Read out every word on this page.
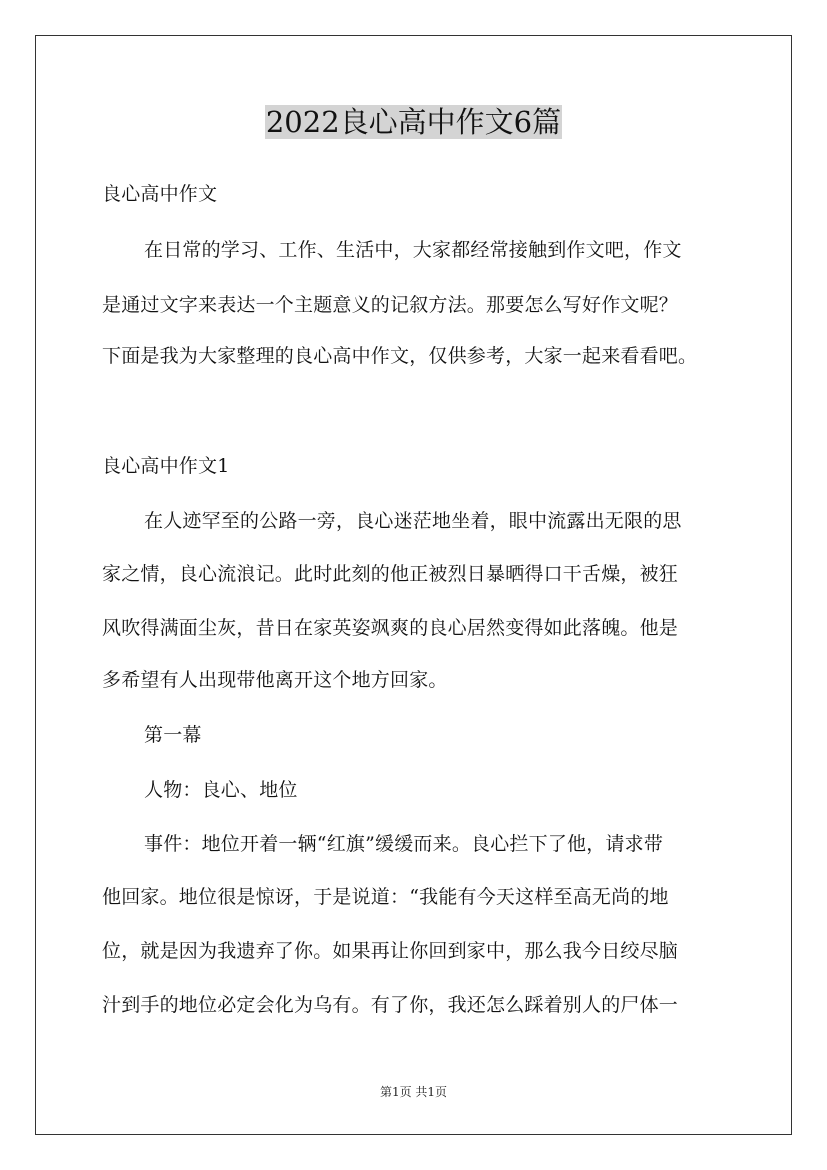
2022良心高中作文6篇
良心高中作文
在日常的学习、工作、生活中，大家都经常接触到作文吧，作文
是通过文字来表达一个主题意义的记叙方法。那要怎么写好作文呢？
下面是我为大家整理的良心高中作文，仅供参考，大家一起来看看吧。
良心高中作文1
在人迹罕至的公路一旁，良心迷茫地坐着，眼中流露出无限的思
家之情，良心流浪记。此时此刻的他正被烈日暴晒得口干舌燥，被狂
风吹得满面尘灰，昔日在家英姿飒爽的良心居然变得如此落魄。他是
多希望有人出现带他离开这个地方回家。
第一幕
人物：良心、地位
事件：地位开着一辆“红旗”缓缓而来。良心拦下了他，请求带
他回家。地位很是惊讶，于是说道：“我能有今天这样至高无尚的地
位，就是因为我遗弃了你。如果再让你回到家中，那么我今日绞尽脑
汁到手的地位必定会化为乌有。有了你，我还怎么踩着别人的尸体一
第1页 共1页
